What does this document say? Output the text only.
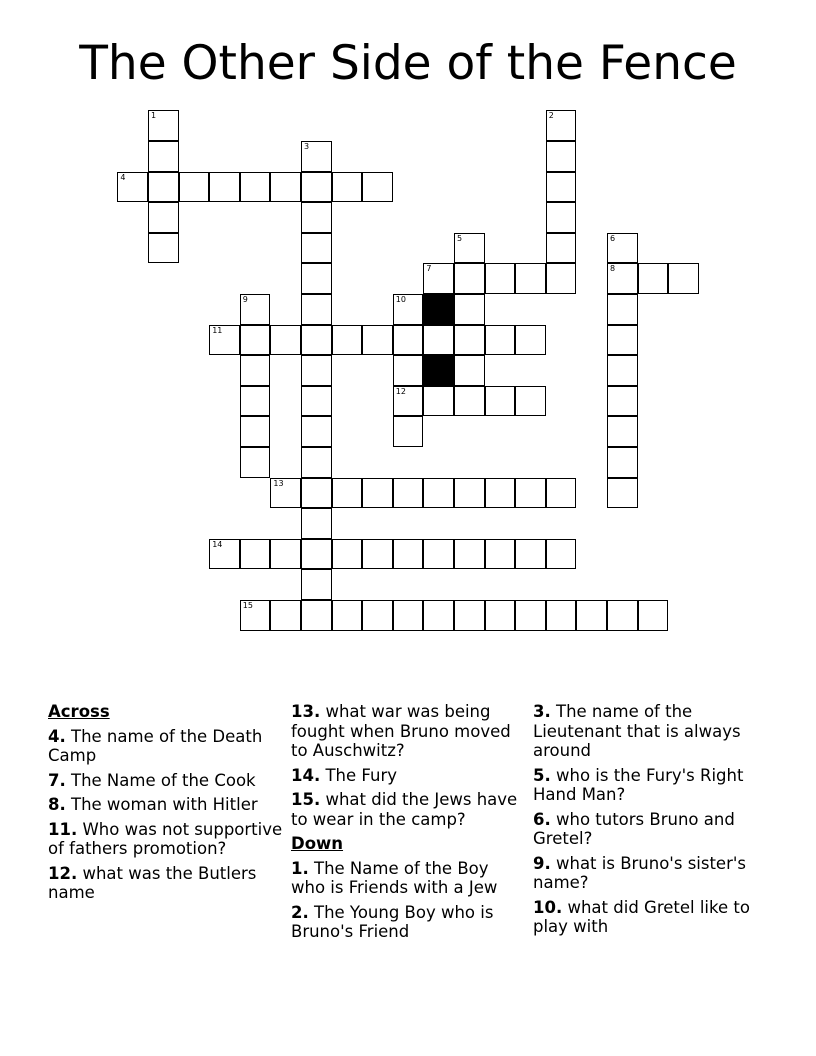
The Other Side of the Fence
1	2
3
4
5	6
7	8
9	10
11
12
13
14
15
Across
4. The name of the Death Camp
7. The Name of the Cook
8. The woman with Hitler
11. Who was not supportive of fathers promotion?
12. what was the Butlers name
13. what war was being fought when Bruno moved to Auschwitz?
14. The Fury
15. what did the Jews have to wear in the camp?
Down
1. The Name of the Boy who is Friends with a Jew
2. The Young Boy who is Bruno's Friend
3. The name of the Lieutenant that is always around
5. who is the Fury's Right Hand Man?
6. who tutors Bruno and Gretel?
9. what is Bruno's sister's name?
10. what did Gretel like to play with
